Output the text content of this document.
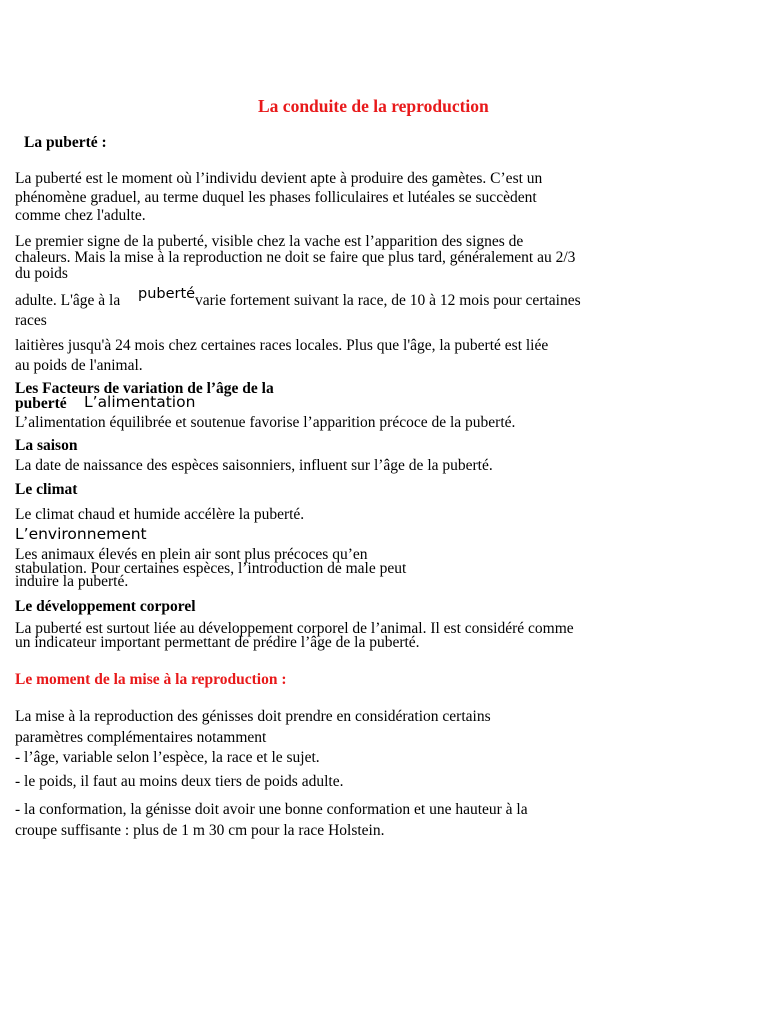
La conduite de la reproduction
La puberté :
La puberté est le moment où l’individu devient apte à produire des gamètes. C’est un
phénomène graduel, au terme duquel les phases folliculaires et lutéales se succèdent
comme chez l'adulte.
Le premier signe de la puberté, visible chez la vache est l’apparition des signes de
chaleurs. Mais la mise à la reproduction ne doit se faire que plus tard, généralement au 2/3
du poids
adulte. L'âge à la puberté varie fortement suivant la race, de 10 à 12 mois pour certaines
races
laitières jusqu'à 24 mois chez certaines races locales. Plus que l'âge, la puberté est liée
au poids de l'animal.
Les Facteurs de variation de l’âge de la
puberté L’alimentation
L’alimentation équilibrée et soutenue favorise l’apparition précoce de la puberté.
La saison
La date de naissance des espèces saisonniers, influent sur l’âge de la puberté.
Le climat
Le climat chaud et humide accélère la puberté.
L’environnement
Les animaux élevés en plein air sont plus précoces qu’en
stabulation. Pour certaines espèces, l’introduction de male peut
induire la puberté.
Le développement corporel
La puberté est surtout liée au développement corporel de l’animal. Il est considéré comme
un indicateur important permettant de prédire l’âge de la puberté.
Le moment de la mise à la reproduction :
La mise à la reproduction des génisses doit prendre en considération certains
paramètres complémentaires notamment
- l’âge, variable selon l’espèce, la race et le sujet.
- le poids, il faut au moins deux tiers de poids adulte.
- la conformation, la génisse doit avoir une bonne conformation et une hauteur à la
croupe suffisante : plus de 1 m 30 cm pour la race Holstein.
